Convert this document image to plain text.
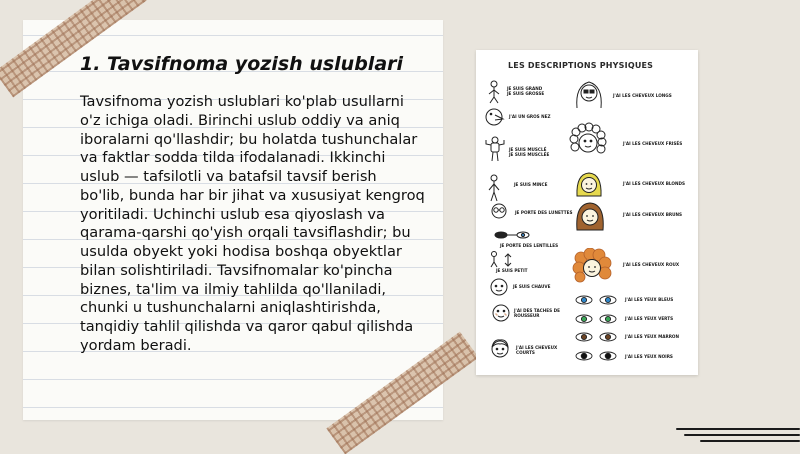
1. Tavsifnoma yozish uslublari

Tavsifnoma yozish uslublari ko'plab usullarni o'z ichiga oladi. Birinchi uslub oddiy va aniq iboralarni qo'llashdir; bu holatda tushunchalar va faktlar sodda tilda ifodalanadi. Ikkinchi uslub — tafsilotli va batafsil tavsif berish bo'lib, bunda har bir jihat va xususiyat kengroq yoritiladi. Uchinchi uslub esa qiyoslash va qarama-qarshi qo'yish orqali tavsiflashdir; bu usulda obyekt yoki hodisa boshqa obyektlar bilan solishtiriladi. Tavsifnomalar ko'pincha biznes, ta'lim va ilmiy tahlilda qo'llaniladi, chunki u tushunchalarni aniqlashtirishda, tanqidiy tahlil qilishda va qaror qabul qilishda yordam beradi.

LES DESCRIPTIONS PHYSIQUES

JE SUIS GRAND
JE SUIS GROSSE
J'AI UN GROS NEZ
JE SUIS MUSCLÉ
JE SUIS MUSCLÉE
JE SUIS MINCE
JE PORTE DES LUNETTES
JE PORTE DES LENTILLES
JE SUIS PETIT
JE SUIS CHAUVE
J'AI DES TACHES DE
ROUSSEUR
J'AI LES CHEVEUX
COURTS
J'AI LES CHEVEUX LONGS
J'AI LES CHEVEUX FRISÉS
J'AI LES CHEVEUX BLONDS
J'AI LES CHEVEUX BRUNS
J'AI LES CHEVEUX ROUX
J'AI LES YEUX BLEUS
J'AI LES YEUX VERTS
J'AI LES YEUX MARRON
J'AI LES YEUX NOIRS
